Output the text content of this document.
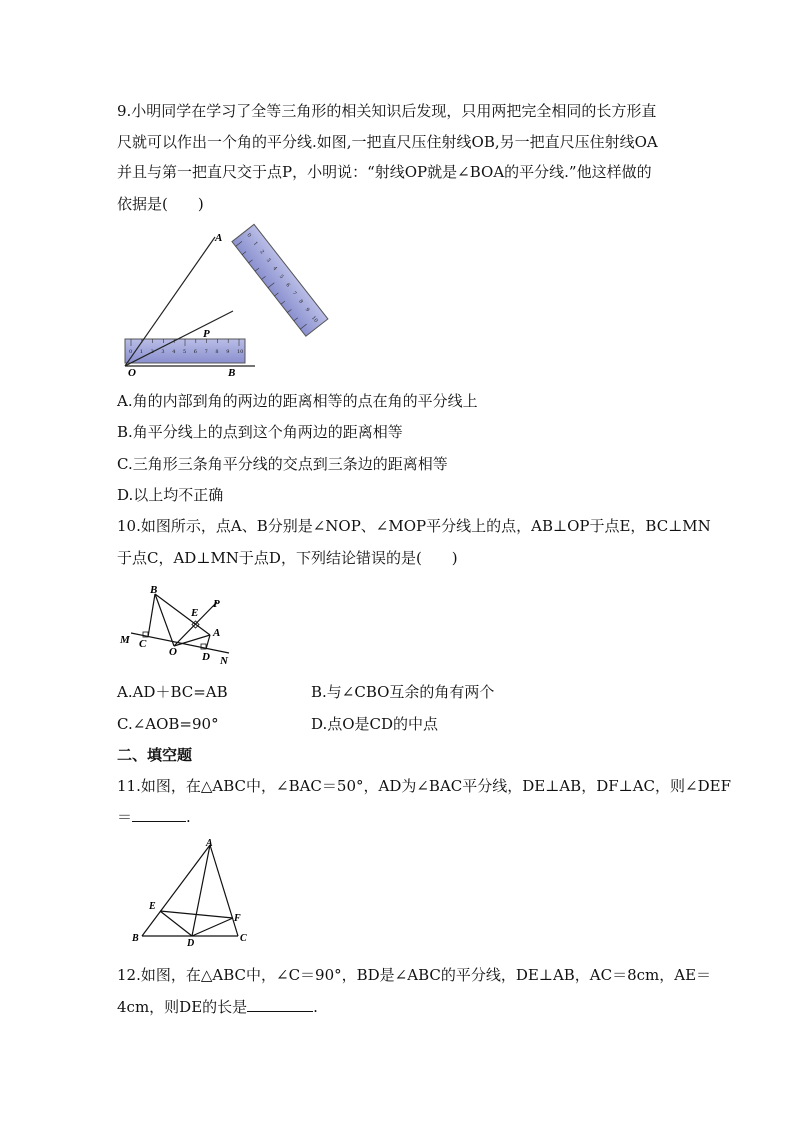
9.小明同学在学习了全等三角形的相关知识后发现，只用两把完全相同的长方形直
尺就可以作出一个角的平分线.如图,一把直尺压住射线OB,另一把直尺压住射线OA
并且与第一把直尺交于点P，小明说：“射线OP就是∠BOA的平分线.”他这样做的
依据是(　　)
0
1
2
3
4
5
6
7
8
9
10
0 1	3 4 5 6 7 8 9 10
A
P
O	B
A.角的内部到角的两边的距离相等的点在角的平分线上
B.角平分线上的点到这个角两边的距离相等
C.三角形三条角平分线的交点到三条边的距离相等
D.以上均不正确
10.如图所示，点A、B分别是∠NOP、∠MOP平分线上的点，AB⊥OP于点E，BC⊥MN
于点C，AD⊥MN于点D，下列结论错误的是(　　)
B
E
P
A
M C
O D N
A.AD＋BC=AB	B.与∠CBO互余的角有两个
C.∠AOB=90°	D.点O是CD的中点
二、填空题
11.如图，在△ABC中，∠BAC＝50°，AD为∠BAC平分线，DE⊥AB，DF⊥AC，则∠DEF
＝	.
A
E
F
B	D	C
12.如图，在△ABC中，∠C＝90°，BD是∠ABC的平分线，DE⊥AB，AC＝8cm，AE＝
4cm，则DE的长是	.
